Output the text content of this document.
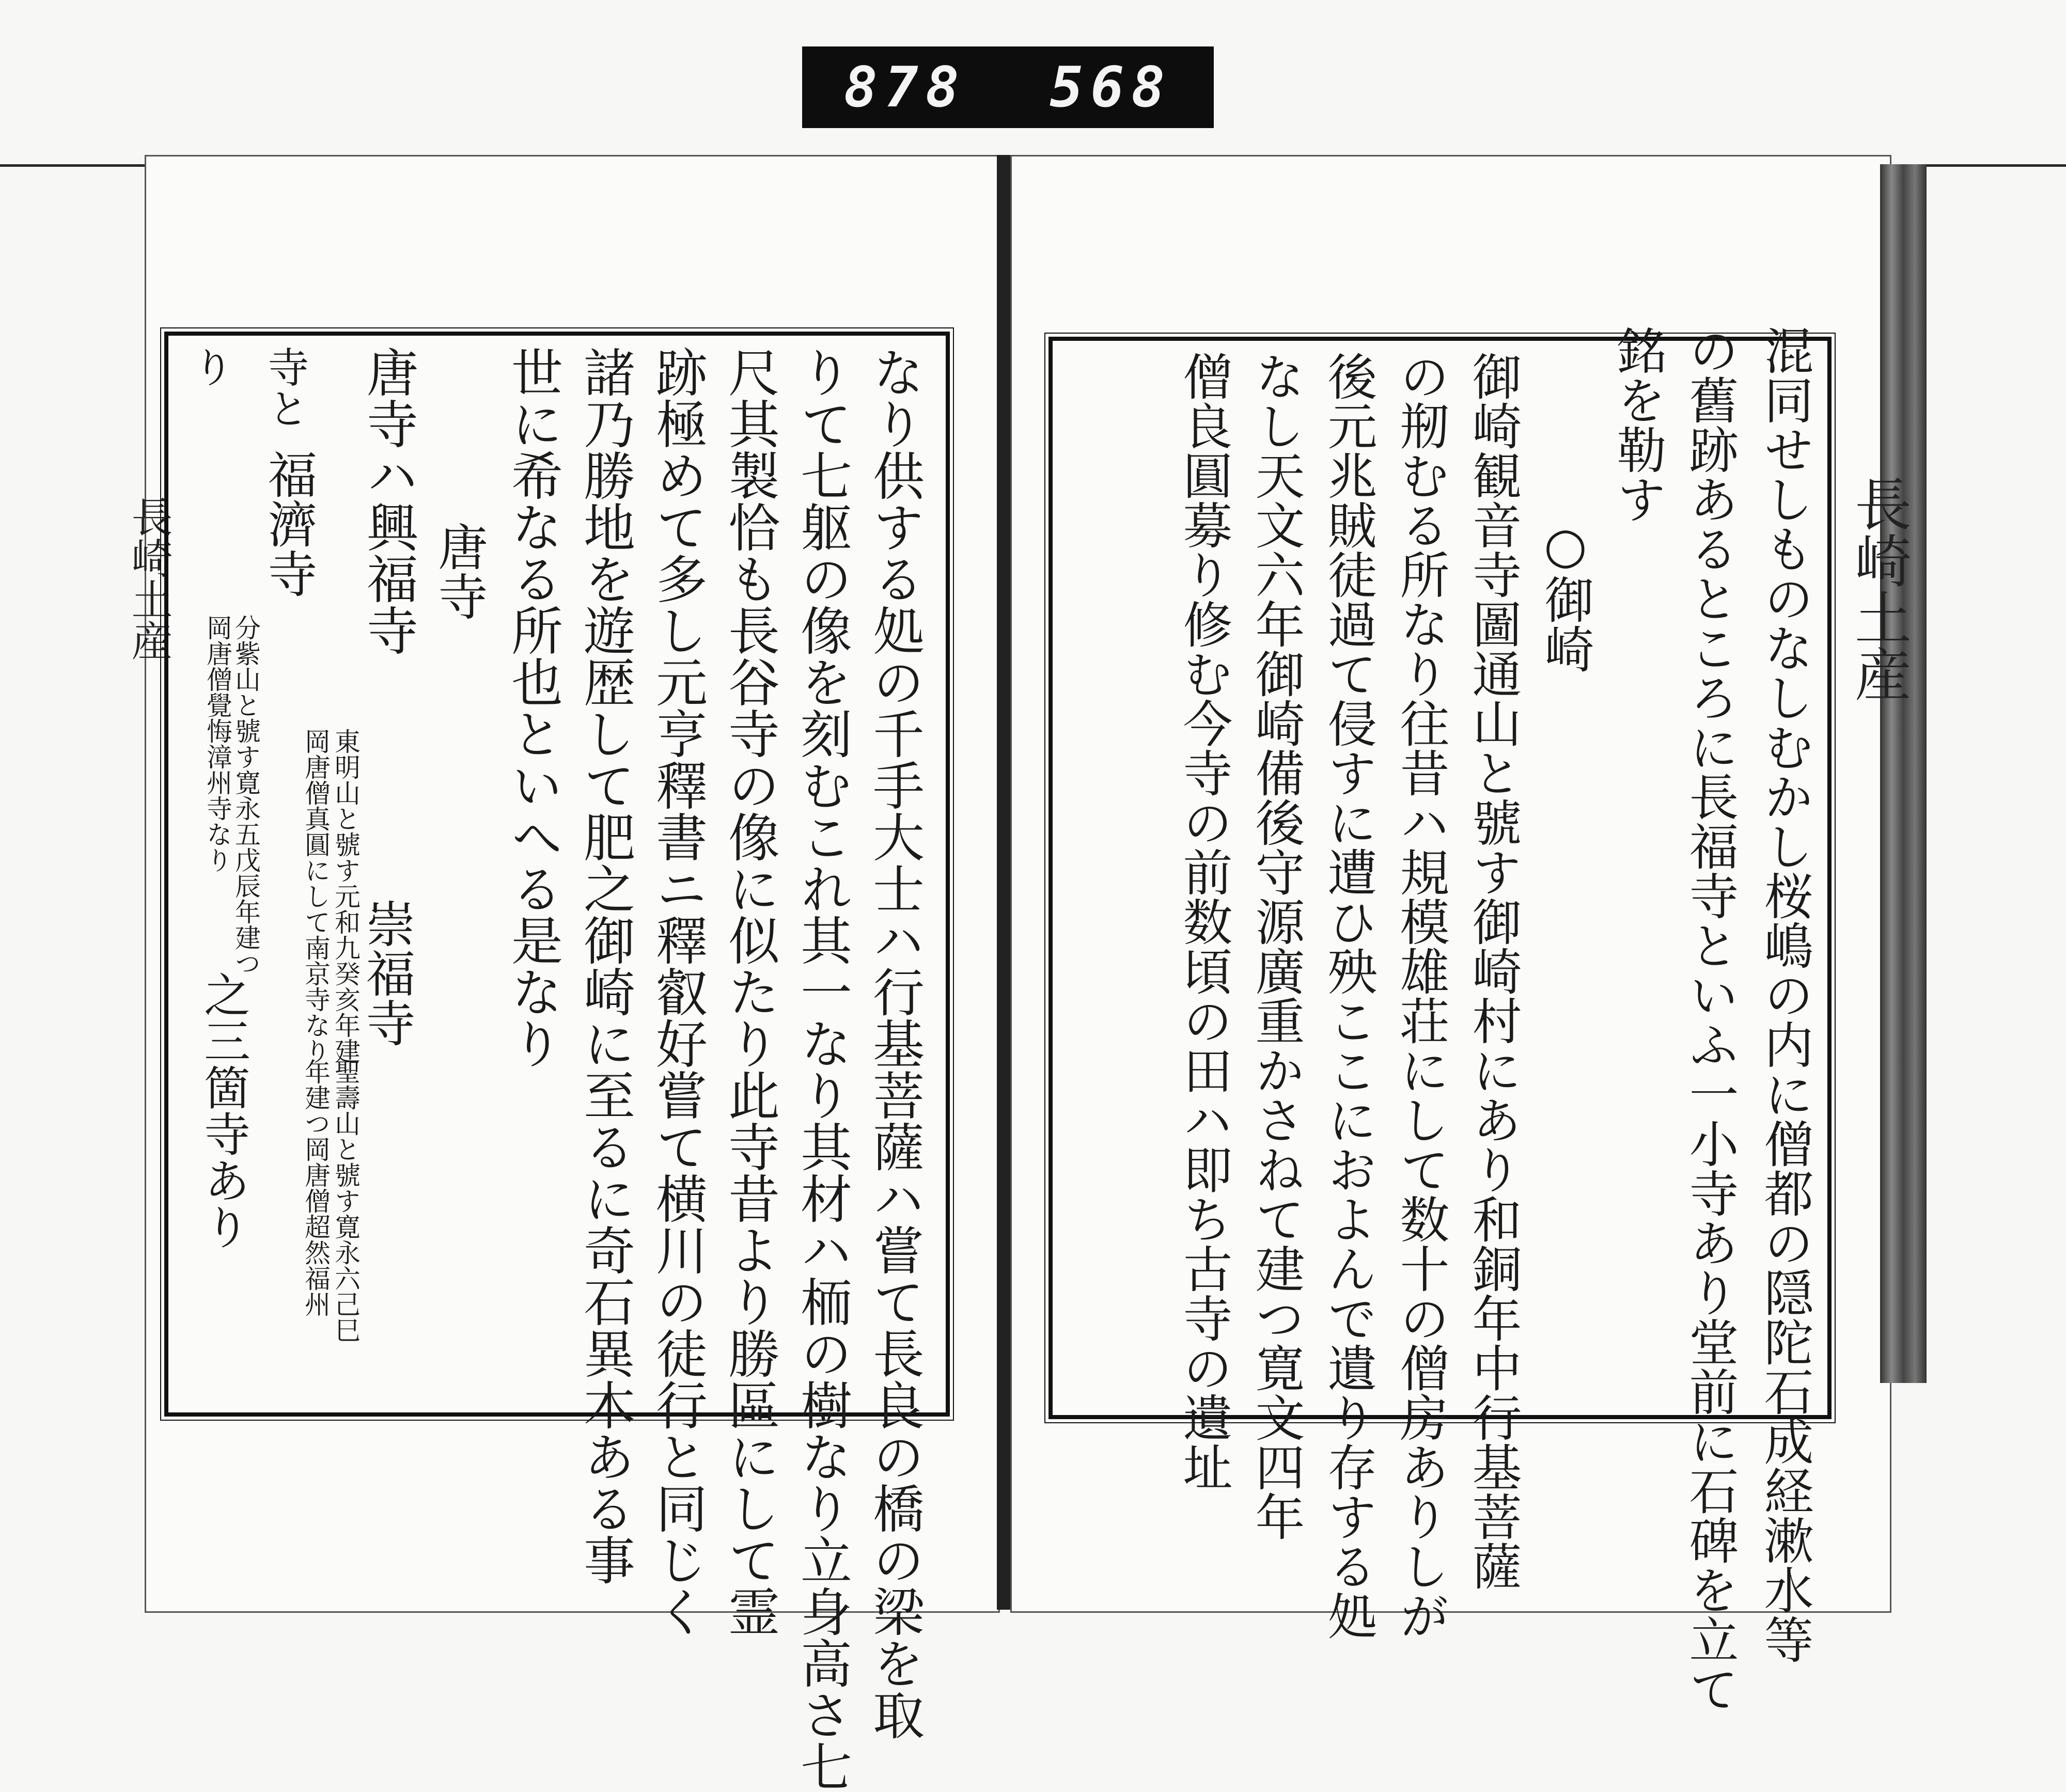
878 568
長崎土産
長崎土産	なり供する処の千手大士ハ行基菩薩ハ嘗て長良の橋の梁を取
りて七躯の像を刻むこれ其一なり其材ハ栭の樹なり立身高さ七
尺其製恰も長谷寺の像に似たり此寺昔より勝區にして霊
跡極めて多し元亨釋書ニ釋叡好嘗て横川の徒行と同じく
諸乃勝地を遊歴して肥之御崎に至るに奇石異木ある事
世に希なる所也といへる是なり
唐寺
唐寺ハ興福寺
東明山と號す元和九癸亥年建
岡唐僧真圓にして南京寺なり 崇福寺
聖壽山と號す寛永六己巳
年建つ岡唐僧超然福州
寺と
福濟寺
分紫山と號す寛永五戊辰年建つ
岡唐僧覺悔漳州寺なり
り
之三箇寺あり	混同せしものなしむかし桜嶋の内に僧都の隠陀石成経漱水等
の舊跡あるところに長福寺といふ一小寺あり堂前に石碑を立て
銘を勒す
○御崎
御崎観音寺圖通山と號す御崎村にあり和銅年中行基菩薩
の剏むる所なり往昔ハ規模雄荘にして数十の僧房ありしが
後元兆賊徒過て侵すに遭ひ殃ここにおよんで遺り存する処
なし天文六年御崎備後守源廣重かさねて建つ寛文四年
僧良圓募り修む今寺の前数頃の田ハ即ち古寺の遺址
